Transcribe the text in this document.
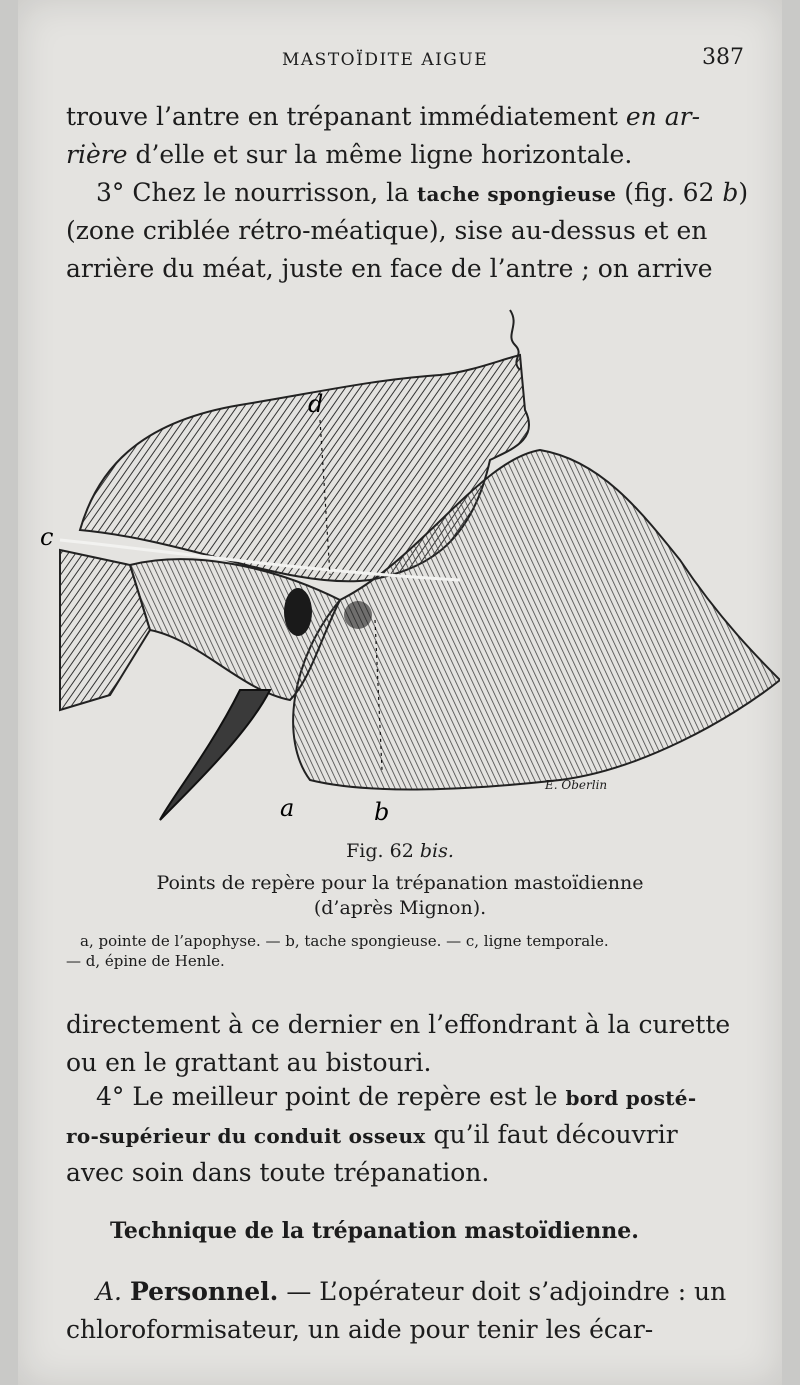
MASTOÏDITE AIGUE	387
trouve l’antre en trépanant immédiatement en ar-
rière d’elle et sur la même ligne horizontale.
3° Chez le nourrisson, la tache spongieuse (fig. 62 b)
(zone criblée rétro-méatique), sise au-dessus et en
arrière du méat, juste en face de l’antre ; on arrive
d
c
a	b
E. Oberlin
Fig. 62 bis.
Points de repère pour la trépanation mastoïdienne
(d’après Mignon).
a, pointe de l’apophyse. — b, tache spongieuse. — c, ligne temporale.
— d, épine de Henle.
directement à ce dernier en l’effondrant à la curette
ou en le grattant au bistouri.
4° Le meilleur point de repère est le bord posté-
ro-supérieur du conduit osseux qu’il faut découvrir
avec soin dans toute trépanation.
Technique de la trépanation mastoïdienne.
A. Personnel. — L’opérateur doit s’adjoindre : un
chloroformisateur, un aide pour tenir les écar-
